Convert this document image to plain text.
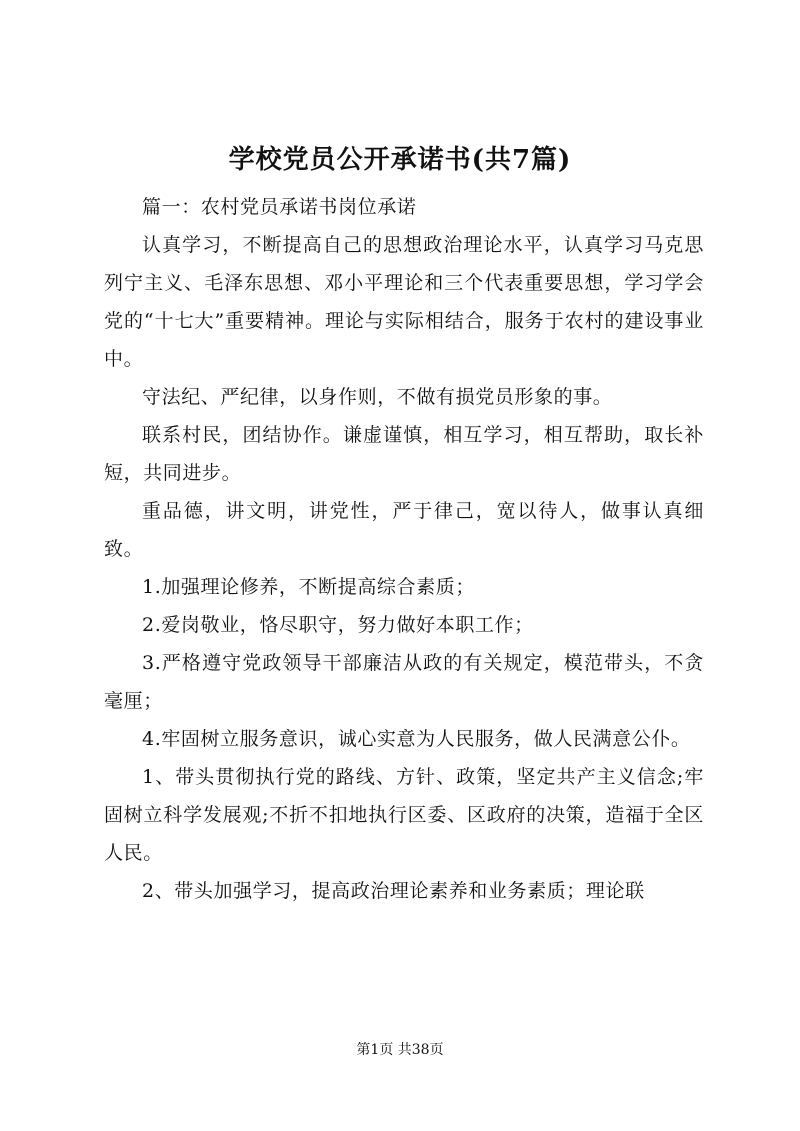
学校党员公开承诺书(共7篇)

篇一：农村党员承诺书岗位承诺

认真学习，不断提高自己的思想政治理论水平，认真学习马克思列宁主义、毛泽东思想、邓小平理论和三个代表重要思想，学习学会党的“十七大”重要精神。理论与实际相结合，服务于农村的建设事业中。

守法纪、严纪律，以身作则，不做有损党员形象的事。

联系村民，团结协作。谦虚谨慎，相互学习，相互帮助，取长补短，共同进步。

重品德，讲文明，讲党性，严于律己，宽以待人，做事认真细致。

1.加强理论修养，不断提高综合素质；

2.爱岗敬业，恪尽职守，努力做好本职工作；

3.严格遵守党政领导干部廉洁从政的有关规定，模范带头，不贪毫厘；

4.牢固树立服务意识，诚心实意为人民服务，做人民满意公仆。

1、带头贯彻执行党的路线、方针、政策，坚定共产主义信念;牢固树立科学发展观;不折不扣地执行区委、区政府的决策，造福于全区人民。

2、带头加强学习，提高政治理论素养和业务素质；理论联

第1页 共38页
